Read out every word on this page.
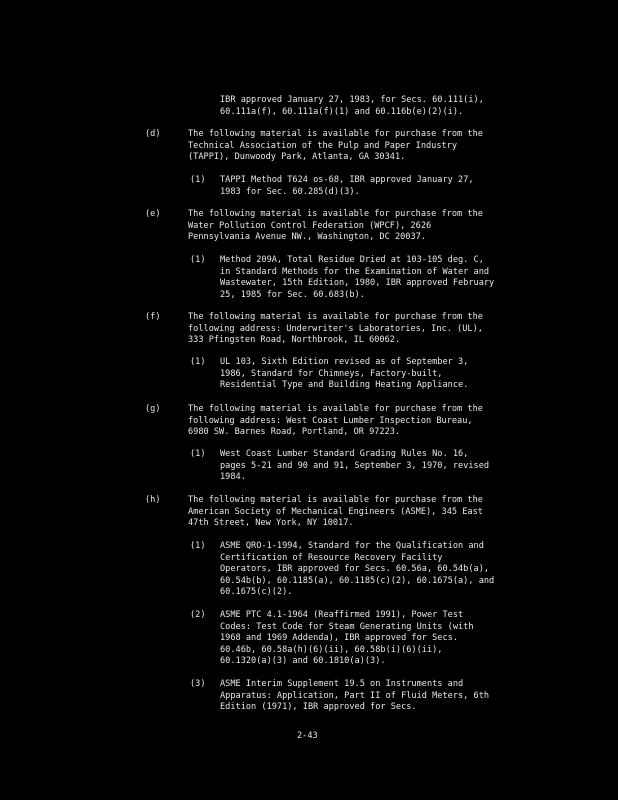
IBR approved January 27, 1983, for Secs. 60.111(i),
60.111a(f), 60.111a(f)(1) and 60.116b(e)(2)(i).
(d)	The following material is available for purchase from the
Technical Association of the Pulp and Paper Industry
(TAPPI), Dunwoody Park, Atlanta, GA 30341.
(1) TAPPI Method T624 os-68, IBR approved January 27,
1983 for Sec. 60.285(d)(3).
(e)	The following material is available for purchase from the
Water Pollution Control Federation (WPCF), 2626
Pennsylvania Avenue NW., Washington, DC 20037.
(1) Method 209A, Total Residue Dried at 103-105 deg. C,
in Standard Methods for the Examination of Water and
Wastewater, 15th Edition, 1980, IBR approved February
25, 1985 for Sec. 60.683(b).
(f)	The following material is available for purchase from the
following address: Underwriter's Laboratories, Inc. (UL),
333 Pfingsten Road, Northbrook, IL 60062.
(1) UL 103, Sixth Edition revised as of September 3,
1986, Standard for Chimneys, Factory-built,
Residential Type and Building Heating Appliance.
(g)	The following material is available for purchase from the
following address: West Coast Lumber Inspection Bureau,
6980 SW. Barnes Road, Portland, OR 97223.
(1) West Coast Lumber Standard Grading Rules No. 16,
pages 5-21 and 90 and 91, September 3, 1970, revised
1984.
(h)	The following material is available for purchase from the
American Society of Mechanical Engineers (ASME), 345 East
47th Street, New York, NY 10017.
(1) ASME QRO-1-1994, Standard for the Qualification and
Certification of Resource Recovery Facility
Operators, IBR approved for Secs. 60.56a, 60.54b(a),
60.54b(b), 60.1185(a), 60.1185(c)(2), 60.1675(a), and
60.1675(c)(2).
(2) ASME PTC 4.1-1964 (Reaffirmed 1991), Power Test
Codes: Test Code for Steam Generating Units (with
1968 and 1969 Addenda), IBR approved for Secs.
60.46b, 60.58a(h)(6)(ii), 60.58b(i)(6)(ii),
60.1320(a)(3) and 60.1810(a)(3).
(3) ASME Interim Supplement 19.5 on Instruments and
Apparatus: Application, Part II of Fluid Meters, 6th
Edition (1971), IBR approved for Secs.
2-43
